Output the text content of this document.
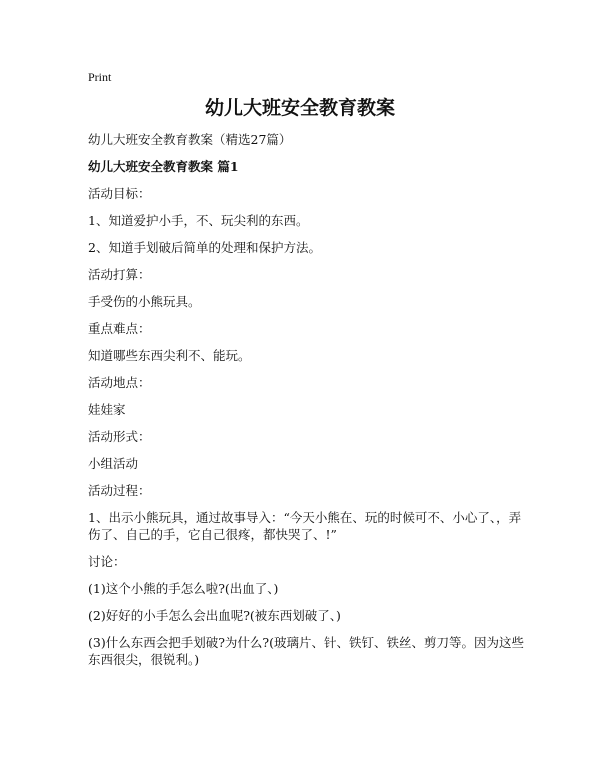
Print
幼儿大班安全教育教案

幼儿大班安全教育教案（精选27篇）

幼儿大班安全教育教案 篇1

活动目标：

1、知道爱护小手，不、玩尖利的东西。

2、知道手划破后简单的处理和保护方法。

活动打算：

手受伤的小熊玩具。

重点难点：

知道哪些东西尖利不、能玩。

活动地点：

娃娃家

活动形式：

小组活动

活动过程：

1、出示小熊玩具，通过故事导入：“今天小熊在、玩的时候可不、小心了、，弄伤了、自己的手，它自己很疼，都快哭了、!”

讨论：

(1)这个小熊的手怎么啦?(出血了、)

(2)好好的小手怎么会出血呢?(被东西划破了、)

(3)什么东西会把手划破?为什么?(玻璃片、针、铁钉、铁丝、剪刀等。因为这些东西很尖，很锐利。)
